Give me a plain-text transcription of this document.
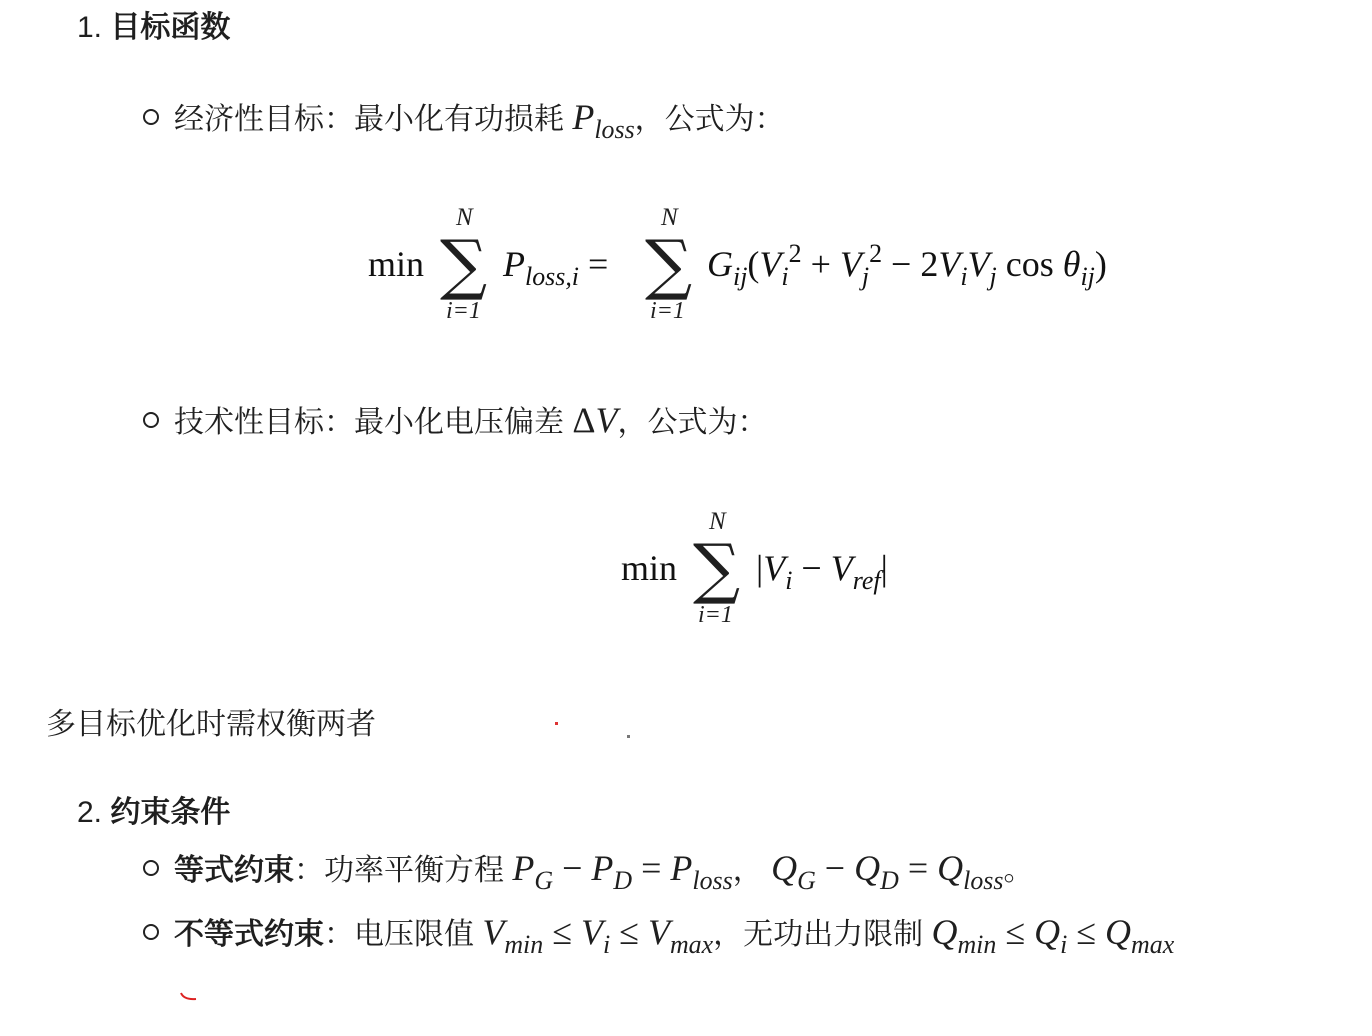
1. 目标函数
经济性目标：最小化有功损耗 $P_{loss}$，公式为：
min
N
∑
i=1
$P_{loss,i}$ =
N
∑
i=1
$G_{ij}(V_i^2 + V_j^2 - 2V_iV_j$ $\cos \theta_{ij}$)
技术性目标：最小化电压偏差 ΔV，公式为：
min
N
∑
i=1
$|V_i - V_{ref}|$
多目标优化时需权衡两者
2. 约束条件
等式约束：功率平衡方程 $P_G - P_D = P_{loss}$， $Q_G - Q_D = Q_{loss}$。
不等式约束：电压限值 $V_{min} \le V_i \le V_{max}$，无功出力限制 $Q_{min} \le Q_i \le Q_{max}$
